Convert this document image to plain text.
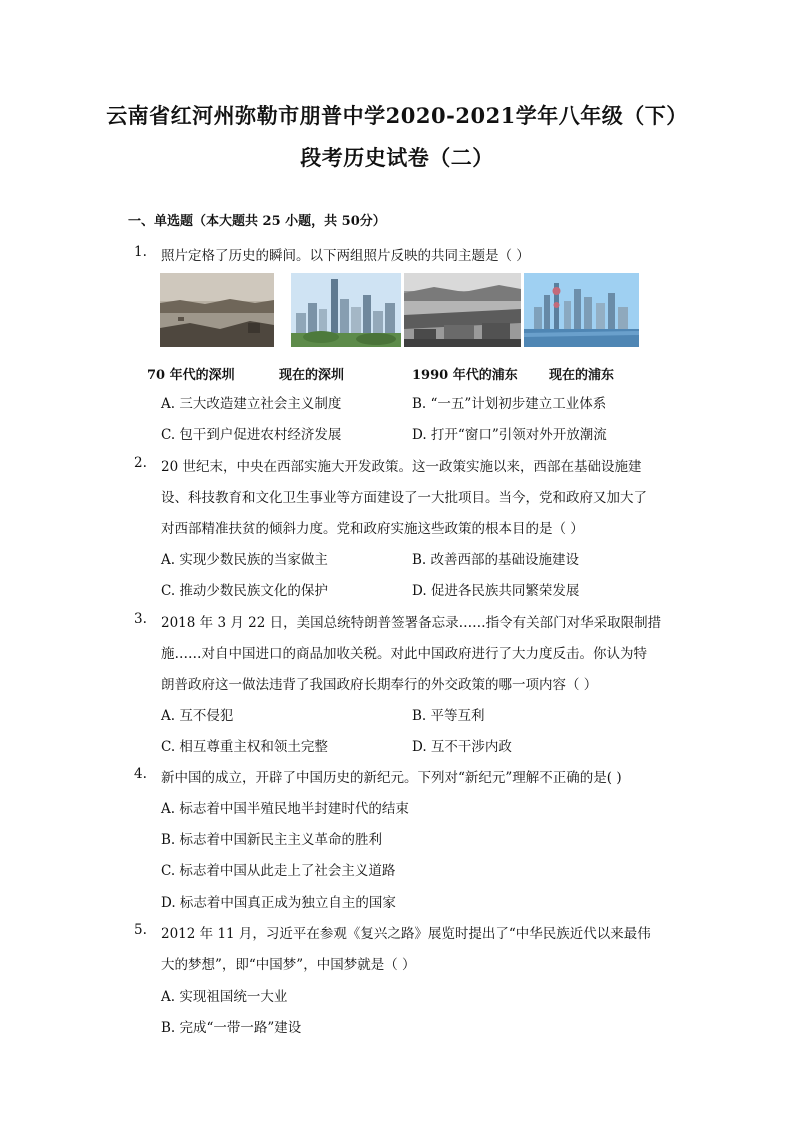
云南省红河州弥勒市朋普中学2020-2021学年八年级（下）
段考历史试卷（二）
一、单选题（本大题共 25 小题，共 50分）
1. 照片定格了历史的瞬间。以下两组照片反映的共同主题是（ ）
70 年代的深圳	现在的深圳	1990 年代的浦东 现在的浦东
A. 三大改造建立社会主义制度	B. “一五”计划初步建立工业体系
C. 包干到户促进农村经济发展	D. 打开“窗口”引领对外开放潮流
2. 20 世纪末，中央在西部实施大开发政策。这一政策实施以来，西部在基础设施建
设、科技教育和文化卫生事业等方面建设了一大批项目。当今，党和政府又加大了
对西部精准扶贫的倾斜力度。党和政府实施这些政策的根本目的是（ ）
A. 实现少数民族的当家做主	B. 改善西部的基础设施建设
C. 推动少数民族文化的保护	D. 促进各民族共同繁荣发展
3. 2018 年 3 月 22 日，美国总统特朗普签署备忘录……指令有关部门对华采取限制措
施……对自中国进口的商品加收关税。对此中国政府进行了大力度反击。你认为特
朗普政府这一做法违背了我国政府长期奉行的外交政策的哪一项内容（ ）
A. 互不侵犯	B. 平等互利
C. 相互尊重主权和领土完整	D. 互不干涉内政
4. 新中国的成立，开辟了中国历史的新纪元。下列对“新纪元”理解不正确的是( )
A. 标志着中国半殖民地半封建时代的结束
B. 标志着中国新民主主义革命的胜利
C. 标志着中国从此走上了社会主义道路
D. 标志着中国真正成为独立自主的国家
5. 2012 年 11 月，习近平在参观《复兴之路》展览时提出了“中华民族近代以来最伟
大的梦想”，即“中国梦”，中国梦就是（ ）
A. 实现祖国统一大业
B. 完成“一带一路”建设
